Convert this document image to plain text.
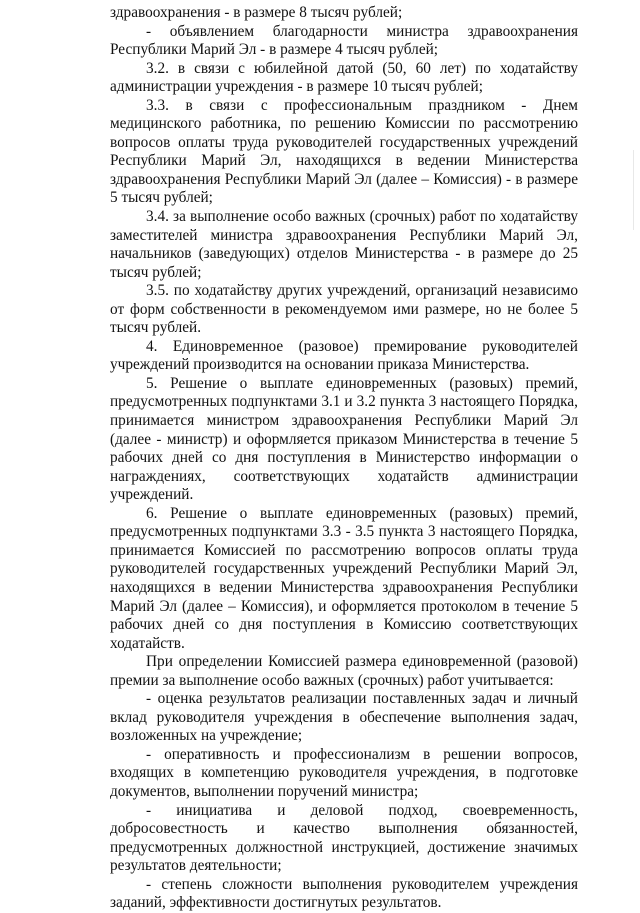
здравоохранения - в размере 8 тысяч рублей;

- объявлением благодарности министра здравоохранения Республики Марий Эл - в размере 4 тысяч рублей;

3.2. в связи с юбилейной датой (50, 60 лет) по ходатайству администрации учреждения - в размере 10 тысяч рублей;

3.3. в связи с профессиональным праздником - Днем медицинского работника, по решению Комиссии по рассмотрению вопросов оплаты труда руководителей государственных учреждений Республики Марий Эл, находящихся в ведении Министерства здравоохранения Республики Марий Эл (далее – Комиссия) - в размере 5 тысяч рублей;

3.4. за выполнение особо важных (срочных) работ по ходатайству заместителей министра здравоохранения Республики Марий Эл, начальников (заведующих) отделов Министерства - в размере до 25 тысяч рублей;

3.5. по ходатайству других учреждений, организаций независимо от форм собственности в рекомендуемом ими размере, но не более 5 тысяч рублей.

4. Единовременное (разовое) премирование руководителей учреждений производится на основании приказа Министерства.

5. Решение о выплате единовременных (разовых) премий, предусмотренных подпунктами 3.1 и 3.2 пункта 3 настоящего Порядка, принимается министром здравоохранения Республики Марий Эл (далее - министр) и оформляется приказом Министерства в течение 5 рабочих дней со дня поступления в Министерство информации о награждениях, соответствующих ходатайств администрации учреждений.

6. Решение о выплате единовременных (разовых) премий, предусмотренных подпунктами 3.3 - 3.5 пункта 3 настоящего Порядка, принимается Комиссией по рассмотрению вопросов оплаты труда руководителей государственных учреждений Республики Марий Эл, находящихся в ведении Министерства здравоохранения Республики Марий Эл (далее – Комиссия), и оформляется протоколом в течение 5 рабочих дней со дня поступления в Комиссию соответствующих ходатайств.

При определении Комиссией размера единовременной (разовой) премии за выполнение особо важных (срочных) работ учитывается:

- оценка результатов реализации поставленных задач и личный вклад руководителя учреждения в обеспечение выполнения задач, возложенных на учреждение;

- оперативность и профессионализм в решении вопросов, входящих в компетенцию руководителя учреждения, в подготовке документов, выполнении поручений министра;

- инициатива и деловой подход, своевременность, добросовестность и качество выполнения обязанностей, предусмотренных должностной инструкцией, достижение значимых результатов деятельности;

- степень сложности выполнения руководителем учреждения заданий, эффективности достигнутых результатов.
